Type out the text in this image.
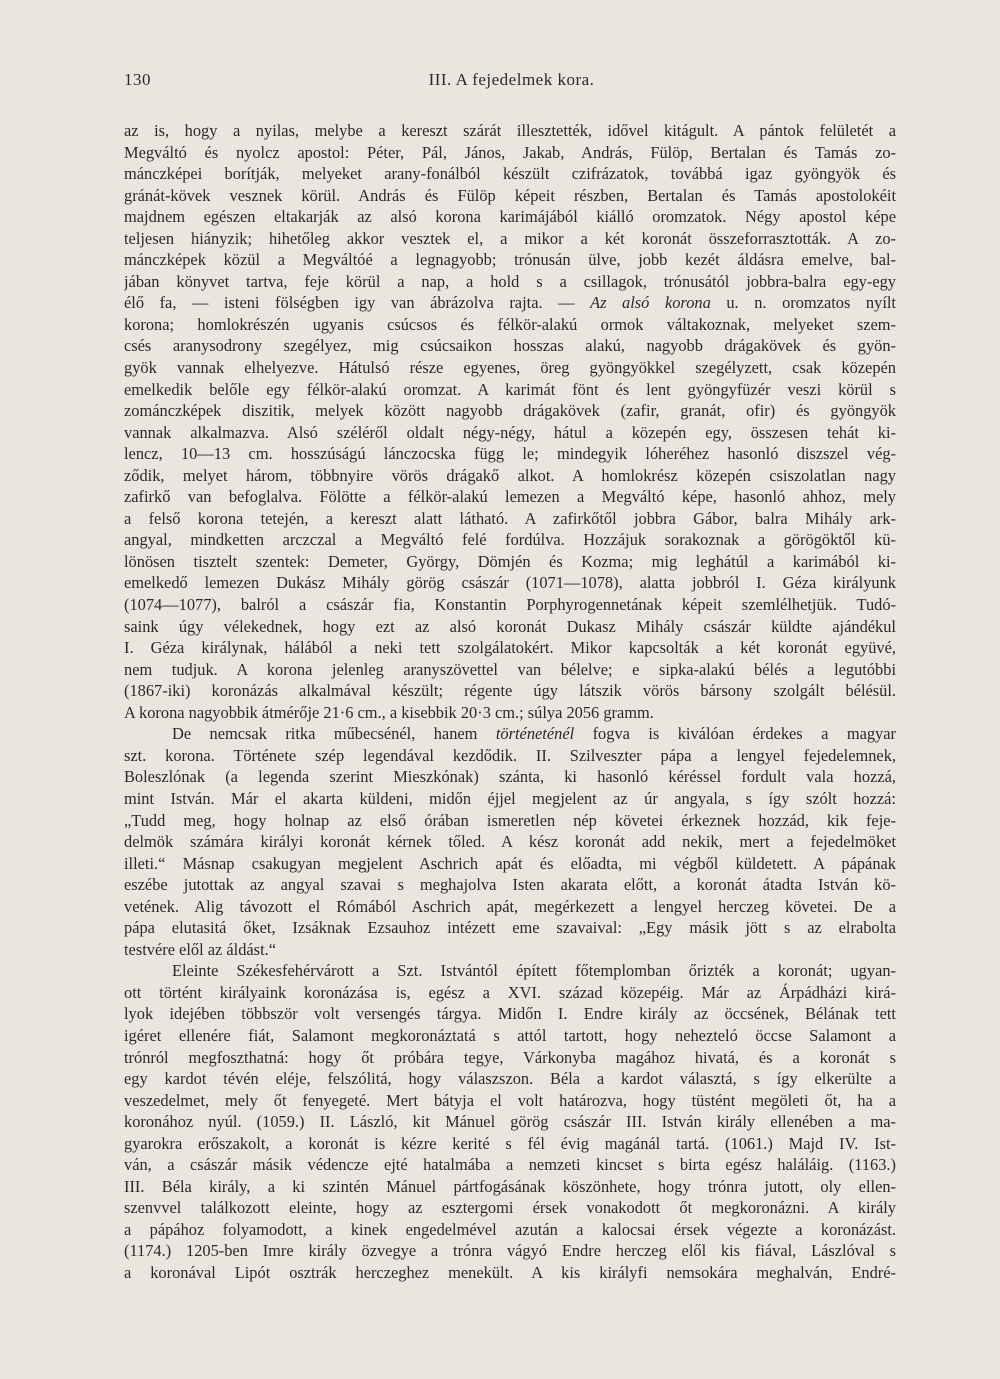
130	III. A fejedelmek kora.
az is, hogy a nyilas, melybe a kereszt szárát illesztették, idővel kitágult. A pántok felületét a
Megváltó és nyolcz apostol: Péter, Pál, János, Jakab, András, Fülöp, Bertalan és Tamás zo-
mánczképei borítják, melyeket arany-fonálból készült czifrázatok, továbbá igaz gyöngyök és
gránát-kövek vesznek körül. András és Fülöp képeit részben, Bertalan és Tamás apostolokéit
majdnem egészen eltakarják az alsó korona karimájából kiálló oromzatok. Négy apostol képe
teljesen hiányzik; hihetőleg akkor vesztek el, a mikor a két koronát összeforrasztották. A zo-
mánczképek közül a Megváltóé a legnagyobb; trónusán ülve, jobb kezét áldásra emelve, bal-
jában könyvet tartva, feje körül a nap, a hold s a csillagok, trónusától jobbra-balra egy-egy
élő fa, — isteni fölségben igy van ábrázolva rajta. — Az alsó korona u. n. oromzatos nyílt
korona; homlokrészén ugyanis csúcsos és félkör-alakú ormok váltakoznak, melyeket szem-
csés aranysodrony szegélyez, mig csúcsaikon hosszas alakú, nagyobb drágakövek és gyön-
gyök vannak elhelyezve. Hátulsó része egyenes, öreg gyöngyökkel szegélyzett, csak közepén
emelkedik belőle egy félkör-alakú oromzat. A karimát fönt és lent gyöngyfüzér veszi körül s
zománczképek diszitik, melyek között nagyobb drágakövek (zafir, granát, ofir) és gyöngyök
vannak alkalmazva. Alsó széléről oldalt négy-négy, hátul a közepén egy, összesen tehát ki-
lencz, 10—13 cm. hosszúságú lánczocska függ le; mindegyik lóheréhez hasonló diszszel vég-
ződik, melyet három, többnyire vörös drágakő alkot. A homlokrész közepén csiszolatlan nagy
zafirkő van befoglalva. Fölötte a félkör-alakú lemezen a Megváltó képe, hasonló ahhoz, mely
a felső korona tetején, a kereszt alatt látható. A zafirkőtől jobbra Gábor, balra Mihály ark-
angyal, mindketten arczczal a Megváltó felé fordúlva. Hozzájuk sorakoznak a görögöktől kü-
lönösen tisztelt szentek: Demeter, György, Dömjén és Kozma; mig leghátúl a karimából ki-
emelkedő lemezen Dukász Mihály görög császár (1071—1078), alatta jobbról I. Géza királyunk
(1074—1077), balról a császár fia, Konstantin Porphyrogennetának képeit szemlélhetjük. Tudó-
saink úgy vélekednek, hogy ezt az alsó koronát Dukasz Mihály császár küldte ajándékul
I. Géza királynak, hálából a neki tett szolgálatokért. Mikor kapcsolták a két koronát együvé,
nem tudjuk. A korona jelenleg aranyszövettel van bélelve; e sipka-alakú bélés a legutóbbi
(1867-iki) koronázás alkalmával készült; régente úgy látszik vörös bársony szolgált bélésül.
A korona nagyobbik átmérője 21·6 cm., a kisebbik 20·3 cm.; súlya 2056 gramm.
De nemcsak ritka műbecsénél, hanem történeténél fogva is kiválóan érdekes a magyar
szt. korona. Története szép legendával kezdődik. II. Szilveszter pápa a lengyel fejedelemnek,
Boleszlónak (a legenda szerint Mieszkónak) szánta, ki hasonló kéréssel fordult vala hozzá,
mint István. Már el akarta küldeni, midőn éjjel megjelent az úr angyala, s így szólt hozzá:
„Tudd meg, hogy holnap az első órában ismeretlen nép követei érkeznek hozzád, kik feje-
delmök számára királyi koronát kérnek tőled. A kész koronát add nekik, mert a fejedelmöket
illeti.“ Másnap csakugyan megjelent Aschrich apát és előadta, mi végből küldetett. A pápának
eszébe jutottak az angyal szavai s meghajolva Isten akarata előtt, a koronát átadta István kö-
vetének. Alig távozott el Rómából Aschrich apát, megérkezett a lengyel herczeg követei. De a
pápa elutasitá őket, Izsáknak Ezsauhoz intézett eme szavaival: „Egy másik jött s az elrabolta
testvére elől az áldást.“
Eleinte Székesfehérvárott a Szt. Istvántól épített főtemplomban őrizték a koronát; ugyan-
ott történt királyaink koronázása is, egész a XVI. század közepéig. Már az Árpádházi kirá-
lyok idejében többször volt versengés tárgya. Midőn I. Endre király az öccsének, Bélának tett
igéret ellenére fiát, Salamont megkoronáztatá s attól tartott, hogy nehezteló öccse Salamont a
trónról megfoszthatná: hogy őt próbára tegye, Várkonyba magához hivatá, és a koronát s
egy kardot tévén eléje, felszólitá, hogy válaszszon. Béla a kardot választá, s így elkerülte a
veszedelmet, mely őt fenyegeté. Mert bátyja el volt határozva, hogy tüstént megöleti őt, ha a
koronához nyúl. (1059.) II. László, kit Mánuel görög császár III. István király ellenében a ma-
gyarokra erőszakolt, a koronát is kézre kerité s fél évig magánál tartá. (1061.) Majd IV. Ist-
ván, a császár másik védencze ejté hatalmába a nemzeti kincset s birta egész haláláig. (1163.)
III. Béla király, a ki szintén Mánuel pártfogásának köszönhete, hogy trónra jutott, oly ellen-
szenvvel találkozott eleinte, hogy az esztergomi érsek vonakodott őt megkoronázni. A király
a pápához folyamodott, a kinek engedelmével azután a kalocsai érsek végezte a koronázást.
(1174.) 1205-ben Imre király özvegye a trónra vágyó Endre herczeg elől kis fiával, Lászlóval s
a koronával Lipót osztrák herczeghez menekült. A kis királyfi nemsokára meghalván, Endré-
